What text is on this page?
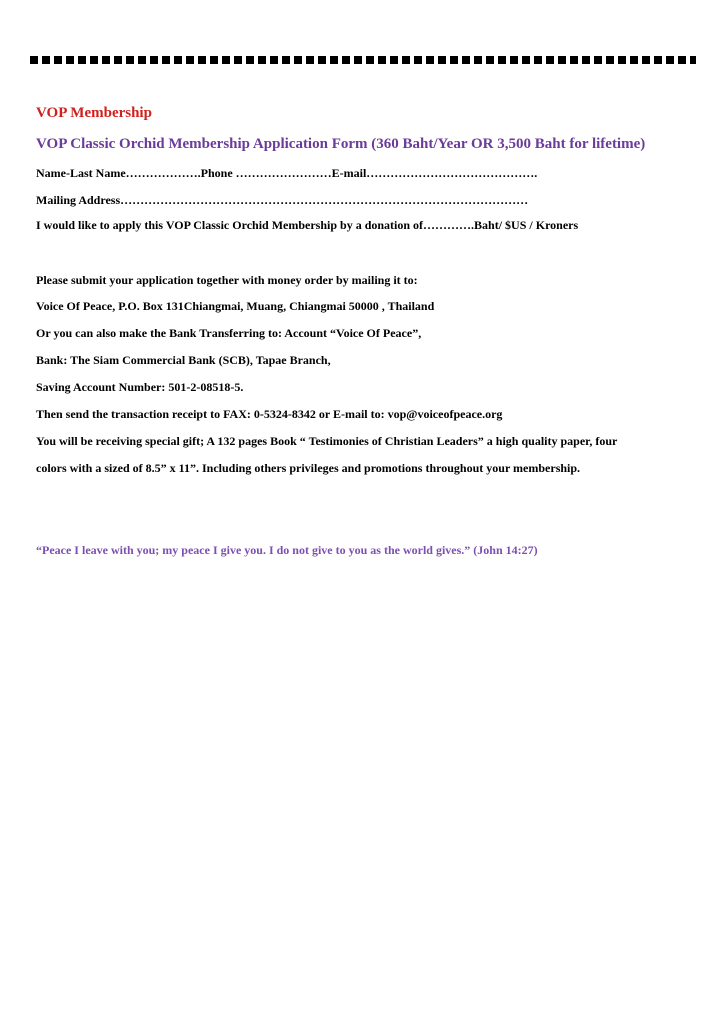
VOP Membership
VOP Classic Orchid Membership Application Form (360 Baht/Year OR 3,500 Baht for lifetime)
Name-Last Name……………….Phone ……………………E-mail…………………………………….
Mailing Address…………………………………………………………………………………………
I would like to apply this VOP Classic Orchid Membership by a donation of………….Baht/ $US / Kroners
Please submit your application together with money order by mailing it to:
Voice Of Peace, P.O. Box 131Chiangmai, Muang, Chiangmai 50000 , Thailand
Or you can also make the Bank Transferring to: Account “Voice Of Peace”,
Bank: The Siam Commercial Bank (SCB), Tapae Branch,
Saving Account Number: 501-2-08518-5.
Then send the transaction receipt to FAX: 0-5324-8342 or E-mail to: vop@voiceofpeace.org
You will be receiving special gift; A 132 pages Book “ Testimonies of Christian Leaders” a high quality paper, four
colors with a sized of 8.5” x 11”. Including others privileges and promotions throughout your membership.
“Peace I leave with you; my peace I give you. I do not give to you as the world gives.” (John 14:27)
